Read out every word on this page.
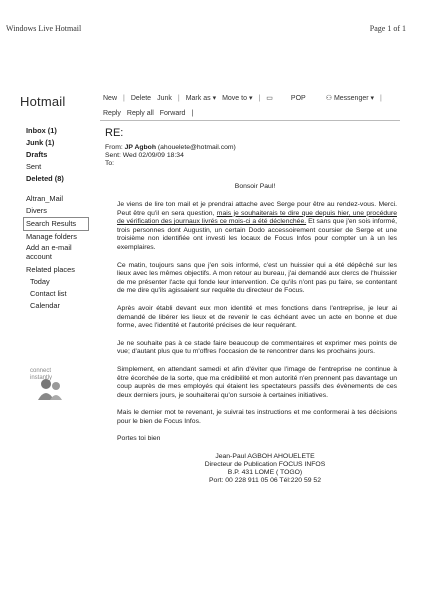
Windows Live Hotmail	Page 1 of 1
Hotmail	New | Delete Junk | Mark as ▾ Move to ▾ | ▭	POP	⚇ Messenger ▾ |
Reply Reply all Forward |
Inbox (1)
Junk (1)
Drafts
Sent
Deleted (8)
Altran_Mail
Divers
Search Results
Manage folders
Add an e-mail account
Related places
Today
Contact list
Calendar
connect
instantly
RE:
From: JP Agboh (ahouelete@hotmail.com)
Sent: Wed 02/09/09 18:34
To:
Bonsoir Paul!

Je viens de lire ton mail et je prendrai attache avec Serge pour être au rendez-vous. Merci. Peut être qu'il en sera question, mais je souhaiterais te dire que depuis hier, une procédure de vérification des journaux livrés ce mois-ci a été déclenchée. Et sans que j'en sois informé, trois personnes dont Augustin, un certain Dodo accessoirement coursier de Serge et une troisième non identifiée ont investi les locaux de Focus Infos pour compter un à un les exemplaires.

Ce matin, toujours sans que j'en sois informé, c'est un huissier qui a été dépêché sur les lieux avec les mêmes objectifs. A mon retour au bureau, j'ai demandé aux clercs de l'huissier de me présenter l'acte qui fonde leur intervention. Ce qu'ils n'ont pas pu faire, se contentant de me dire qu'ils agissaient sur requête du directeur de Focus.

Après avoir établi devant eux mon identité et mes fonctions dans l'entreprise, je leur ai demandé de libérer les lieux et de revenir le cas échéant avec un acte en bonne et due forme, avec l'identité et l'autorité précises de leur requérant.

Je ne souhaite pas à ce stade faire beaucoup de commentaires et exprimer mes points de vue; d'autant plus que tu m'offres l'occasion de te rencontrer dans les prochains jours.

Simplement, en attendant samedi et afin d'éviter que l'image de l'entreprise ne continue à être écorchée de la sorte, que ma crédibilité et mon autorité n'en prennent pas davantage un coup auprès de mes employés qui étaient les spectateurs passifs des évènements de ces deux derniers jours, je souhaiterai qu'on sursoie à certaines initiatives.

Mais le dernier mot te revenant, je suivrai tes instructions et me conformerai à tes décisions pour le bien de Focus Infos.

Portes toi bien

Jean-Paul AGBOH AHOUELETE
Directeur de Publication FOCUS INFOS
B.P. 431 LOME ( TOGO)
Port: 00 228 911 05 06 Tél:220 59 52
